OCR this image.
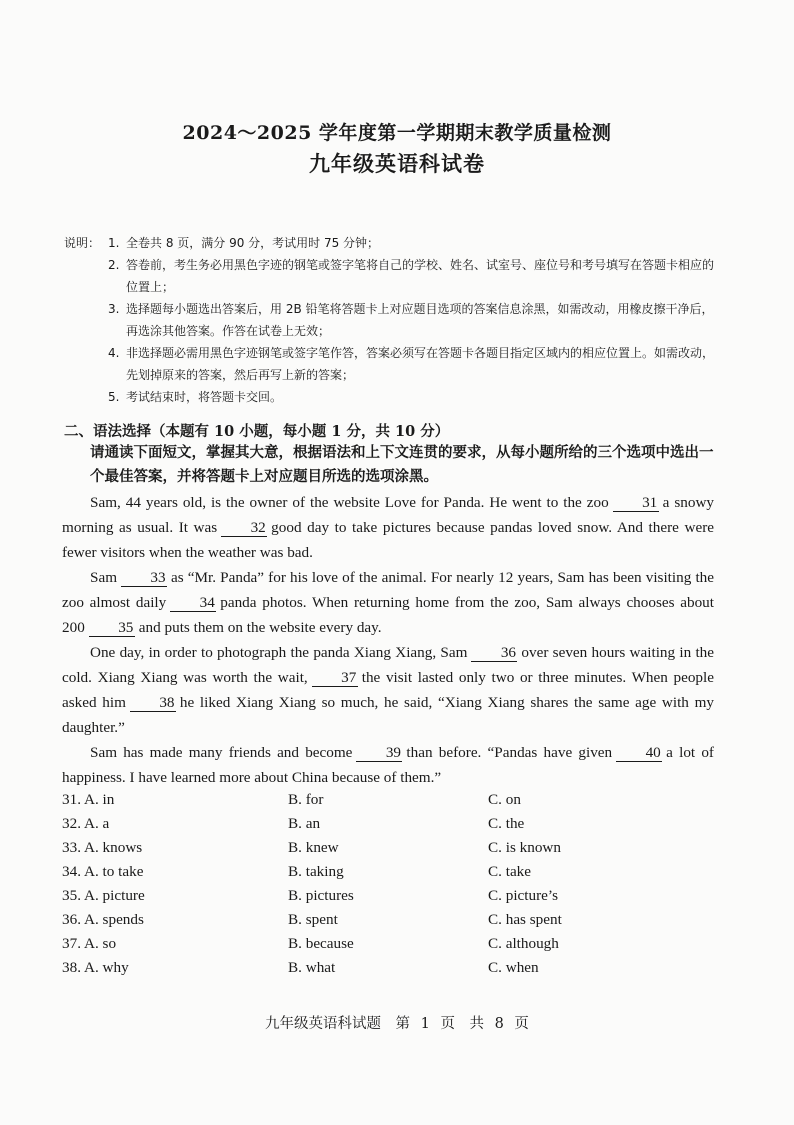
2024～2025 学年度第一学期期末教学质量检测
九年级英语科试卷
说明： 1. 全卷共 8 页，满分 90 分，考试用时 75 分钟；
2. 答卷前，考生务必用黑色字迹的钢笔或签字笔将自己的学校、姓名、试室号、座位号和考号填写在答题卡相应的位置上；
3. 选择题每小题选出答案后，用 2B 铅笔将答题卡上对应题目选项的答案信息涂黑，如需改动，用橡皮擦干净后，再选涂其他答案。作答在试卷上无效；
4. 非选择题必需用黑色字迹钢笔或签字笔作答，答案必须写在答题卡各题目指定区域内的相应位置上。如需改动，先划掉原来的答案，然后再写上新的答案；
5. 考试结束时，将答题卡交回。
二、语法选择（本题有 10 小题，每小题 1 分，共 10 分）
请通读下面短文，掌握其大意，根据语法和上下文连贯的要求，从每小题所给的三个选项中选出一个最佳答案，并将答题卡上对应题目所选的选项涂黑。

Sam, 44 years old, is the owner of the website Love for Panda. He went to the zoo 31 a snowy morning as usual. It was 32 good day to take pictures because pandas loved snow. And there were fewer visitors when the weather was bad.

Sam 33 as “Mr. Panda” for his love of the animal. For nearly 12 years, Sam has been visiting the zoo almost daily 34 panda photos. When returning home from the zoo, Sam always chooses about 200 35 and puts them on the website every day.

One day, in order to photograph the panda Xiang Xiang, Sam 36 over seven hours waiting in the cold. Xiang Xiang was worth the wait, 37 the visit lasted only two or three minutes. When people asked him 38 he liked Xiang Xiang so much, he said, “Xiang Xiang shares the same age with my daughter.”

Sam has made many friends and become 39 than before. “Pandas have given 40 a lot of happiness. I have learned more about China because of them.”

31. A. in	B. for	C. on
32. A. a	B. an	C. the
33. A. knows	B. knew	C. is known
34. A. to take	B. taking	C. take
35. A. picture	B. pictures	C. picture’s
36. A. spends	B. spent	C. has spent
37. A. so	B. because	C. although
38. A. why	B. what	C. when
九年级英语科试题　第 1 页　共 8 页
